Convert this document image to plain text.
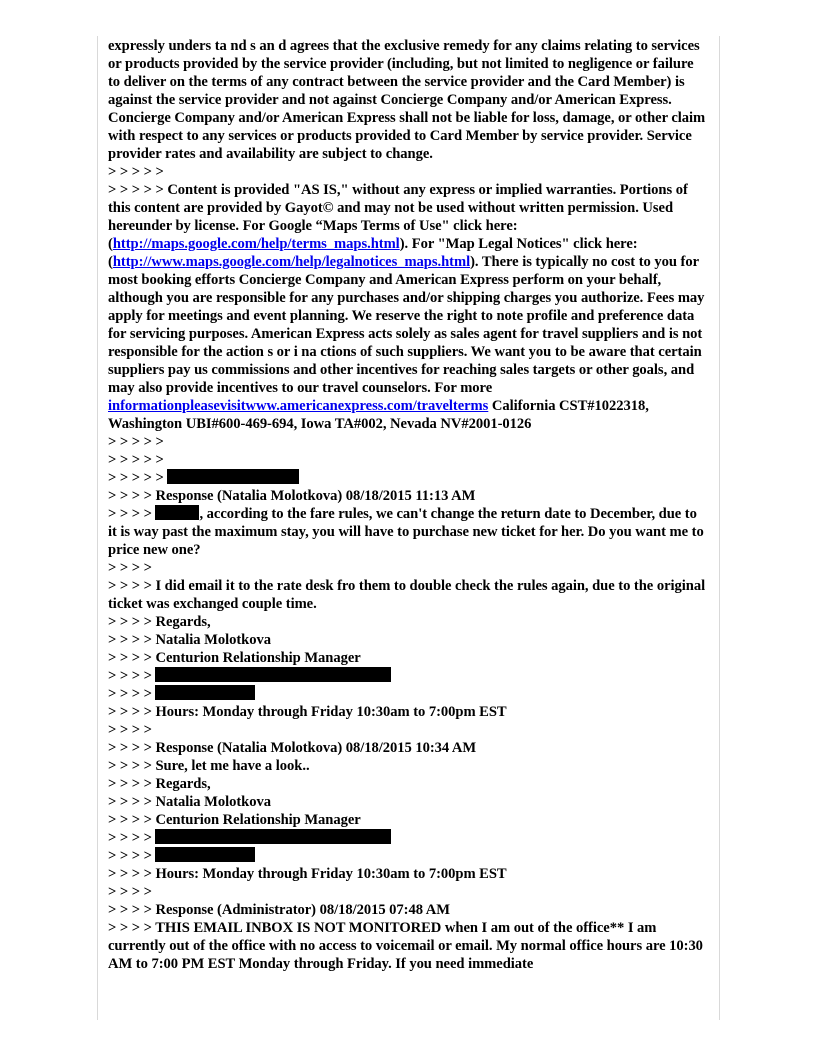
expressly unders ta nd s an d agrees that the exclusive remedy for any claims relating to services or products provided by the service provider (including, but not limited to negligence or failure to deliver on the terms of any contract between the service provider and the Card Member) is against the service provider and not against Concierge Company and/or American Express. Concierge Company and/or American Express shall not be liable for loss, damage, or other claim with respect to any services or products provided to Card Member by service provider. Service provider rates and availability are subject to change.

> > > > >

> > > > > Content is provided "AS IS," without any express or implied warranties. Portions of this content are provided by Gayot© and may not be used without written permission. Used hereunder by license. For Google “Maps Terms of Use" click here: (http://maps.google.com/help/terms_maps.html). For "Map Legal Notices" click here: (http://www.maps.google.com/help/legalnotices_maps.html). There is typically no cost to you for most booking efforts Concierge Company and American Express perform on your behalf, although you are responsible for any purchases and/or shipping charges you authorize. Fees may apply for meetings and event planning. We reserve the right to note profile and preference data for servicing purposes. American Express acts solely as sales agent for travel suppliers and is not responsible for the action s or i na ctions of such suppliers. We want you to be aware that certain suppliers pay us commissions and other incentives for reaching sales targets or other goals, and may also provide incentives to our travel counselors. For more
informationpleasevisitwww.americanexpress.com/travelterms California CST#1022318, Washington UBI#600-469-694, Iowa TA#002, Nevada NV#2001-0126

> > > > >

> > > > >

> > > > >

> > > > Response (Natalia Molotkova) 08/18/2015 11:13 AM

> > > >	, according to the fare rules, we can't change the return date to December, due to it is way past the maximum stay, you will have to purchase new ticket for her. Do you want me to price new one?

> > > >

> > > > I did email it to the rate desk fro them to double check the rules again, due to the original ticket was exchanged couple time.

> > > > Regards,

> > > > Natalia Molotkova

> > > > Centurion Relationship Manager

> > > >

> > > >

> > > > Hours: Monday through Friday 10:30am to 7:00pm EST

> > > >

> > > > Response (Natalia Molotkova) 08/18/2015 10:34 AM

> > > > Sure, let me have a look..

> > > > Regards,

> > > > Natalia Molotkova

> > > > Centurion Relationship Manager

> > > >

> > > >

> > > > Hours: Monday through Friday 10:30am to 7:00pm EST

> > > >

> > > > Response (Administrator) 08/18/2015 07:48 AM

> > > > THIS EMAIL INBOX IS NOT MONITORED when I am out of the office** I am currently out of the office with no access to voicemail or email. My normal office hours are 10:30 AM to 7:00 PM EST Monday through Friday. If you need immediate
